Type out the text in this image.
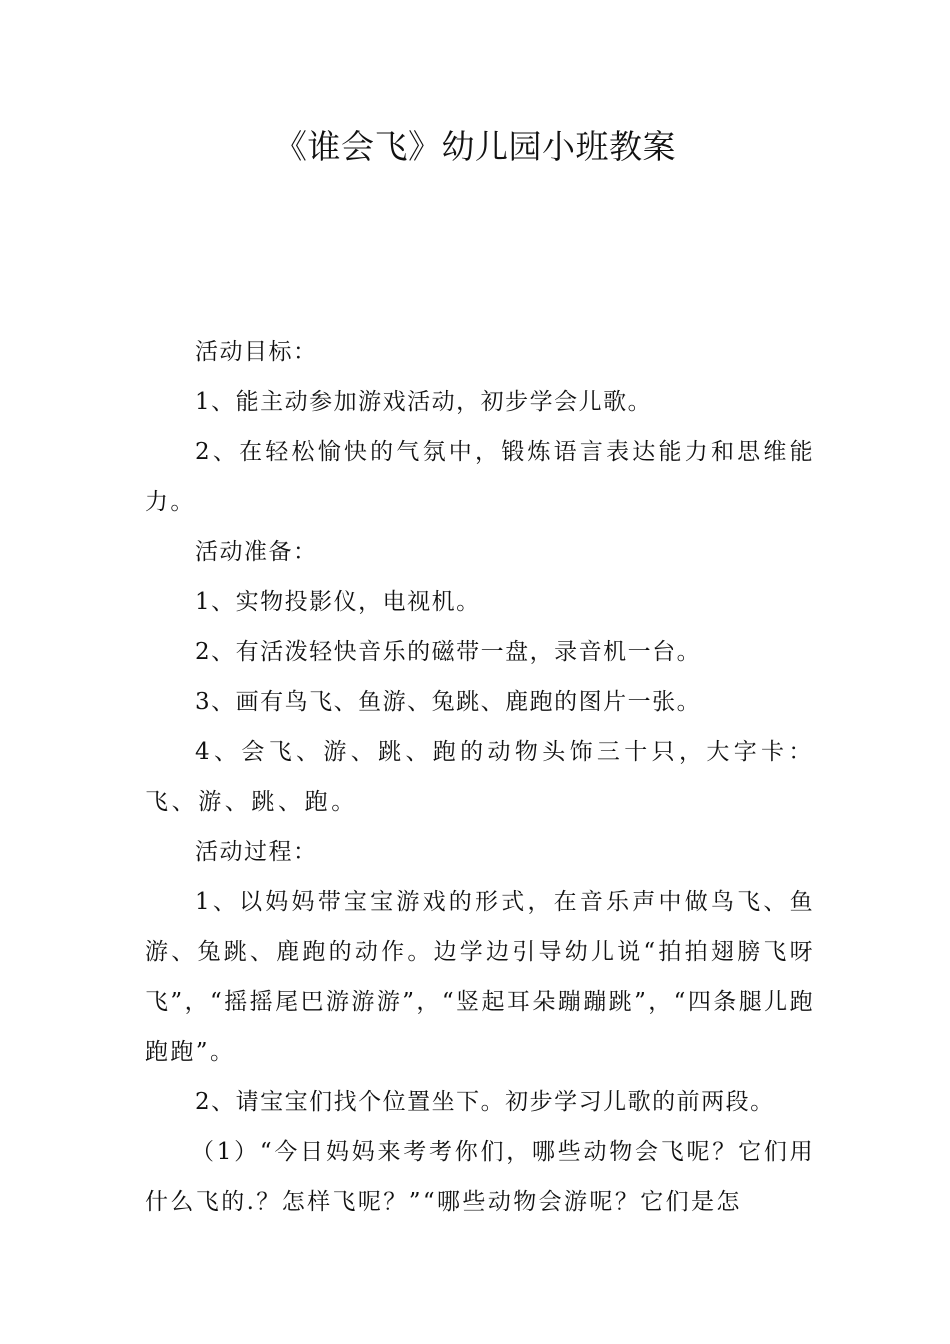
《谁会飞》幼儿园小班教案

活动目标：

1、能主动参加游戏活动，初步学会儿歌。

2、在轻松愉快的气氛中，锻炼语言表达能力和思维能力。

活动准备：

1、实物投影仪，电视机。

2、有活泼轻快音乐的磁带一盘，录音机一台。

3、画有鸟飞、鱼游、兔跳、鹿跑的图片一张。

4、会飞、游、跳、跑的动物头饰三十只，大字卡：飞、游、跳、跑。

活动过程：

1、以妈妈带宝宝游戏的形式，在音乐声中做鸟飞、鱼游、兔跳、鹿跑的动作。边学边引导幼儿说“拍拍翅膀飞呀飞”，“摇摇尾巴游游游”，“竖起耳朵蹦蹦跳”，“四条腿儿跑跑跑”。

2、请宝宝们找个位置坐下。初步学习儿歌的前两段。

（1）“今日妈妈来考考你们，哪些动物会飞呢？它们用什么飞的.？怎样飞呢？”“哪些动物会游呢？它们是怎
